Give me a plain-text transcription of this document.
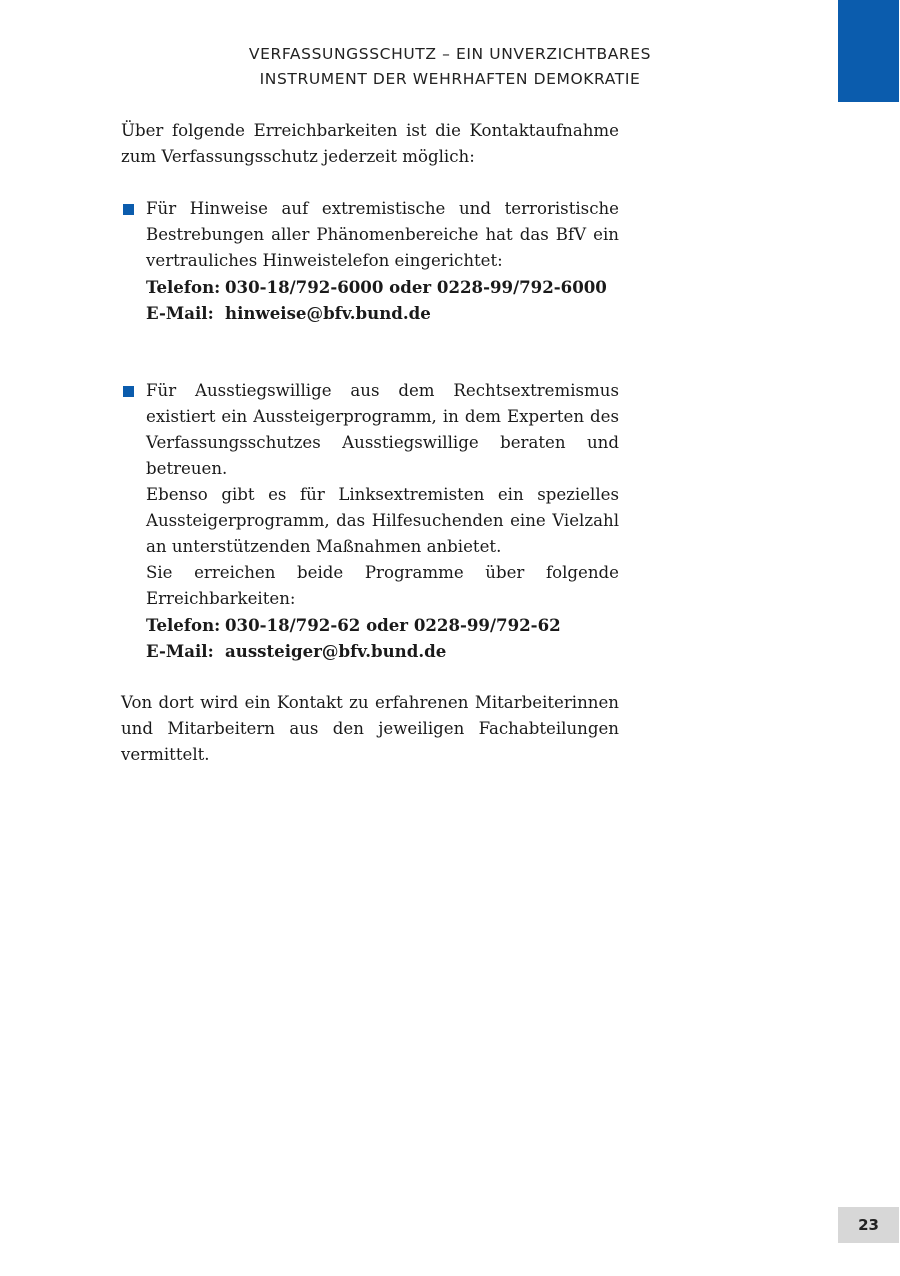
VERFASSUNGSSCHUTZ – EIN UNVERZICHTBARES
INSTRUMENT DER WEHRHAFTEN DEMOKRATIE

Über folgende Erreichbarkeiten ist die Kontaktaufnahme zum Verfassungsschutz jederzeit möglich:

Für Hinweise auf extremistische und terroristische Bestrebungen aller Phänomenbereiche hat das BfV ein vertrauliches Hinweistelefon eingerichtet:

Telefon: 030-18/792-6000 oder 0228-99/792-6000
E-Mail: hinweise@bfv.bund.de

Für Ausstiegswillige aus dem Rechtsextremismus existiert ein Aussteigerprogramm, in dem Experten des Verfassungsschutzes Ausstiegswillige beraten und betreuen.

Ebenso gibt es für Linksextremisten ein spezielles Aussteigerprogramm, das Hilfesuchenden eine Vielzahl an unterstützenden Maßnahmen anbietet.

Sie erreichen beide Programme über folgende Erreichbarkeiten:

Telefon: 030-18/792-62 oder 0228-99/792-62
E-Mail: aussteiger@bfv.bund.de

Von dort wird ein Kontakt zu erfahrenen Mitarbeiterinnen und Mitarbeitern aus den jeweiligen Fachabteilungen vermittelt.

23
